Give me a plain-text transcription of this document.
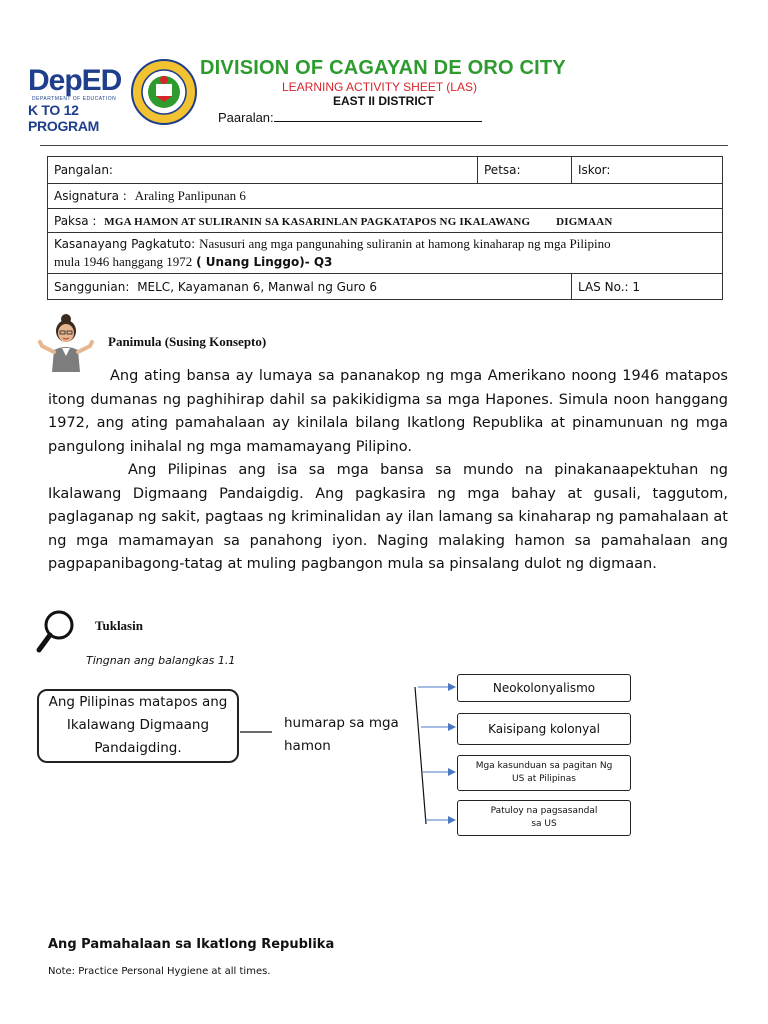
DepED
DEPARTMENT OF EDUCATION
K TO 12 PROGRAM
DIVISION OF CAGAYAN DE ORO CITY
LEARNING ACTIVITY SHEET (LAS)
EAST II DISTRICT
Paaralan:
Pangalan:	Petsa:	Iskor:
Asignatura : Araling Panlipunan 6		
Paksa : MGA HAMON AT SULIRANIN SA KASARINLAN PAGKATAPOS NG IKALAWANG DIGMAAN		
Kasanayang Pagkatuto: Nasusuri ang mga pangunahing suliranin at hamong kinaharap ng mga Pilipino
mula 1946 hanggang 1972 ( Unang Linggo)- Q3		
Sanggunian: MELC, Kayamanan 6, Manwal ng Guro 6		LAS No.: 1
Panimula (Susing Konsepto)

Ang ating bansa ay lumaya sa pananakop ng mga Amerikano noong 1946 matapos itong dumanas ng paghihirap dahil sa pakikidigma sa mga Hapones. Simula noon hanggang 1972, ang ating pamahalaan ay kinilala bilang Ikatlong Republika at pinamunuan ng mga pangulong inihalal ng mga mamamayang Pilipino.

Ang Pilipinas ang isa sa mga bansa sa mundo na pinakanaapektuhan ng Ikalawang Digmaang Pandaigdig. Ang pagkasira ng mga bahay at gusali, taggutom, paglaganap ng sakit, pagtaas ng kriminalidan ay ilan lamang sa kinaharap ng pamahalaan at ng mga mamamayan sa panahong iyon. Naging malaking hamon sa pamahalaan ang pagpapanibagong-tatag at muling pagbangon mula sa pinsalang dulot ng digmaan.

Tuklasin
Tingnan ang balangkas 1.1
Ang Pilipinas matapos ang Ikalawang Digmaang Pandaigding.
humarap sa mga hamon
Neokolonyalismo
Kaisipang kolonyal
Mga kasunduan sa pagitan Ng US at Pilipinas
Patuloy na pagsasandal sa US
Ang Pamahalaan sa Ikatlong Republika
Note: Practice Personal Hygiene at all times.
